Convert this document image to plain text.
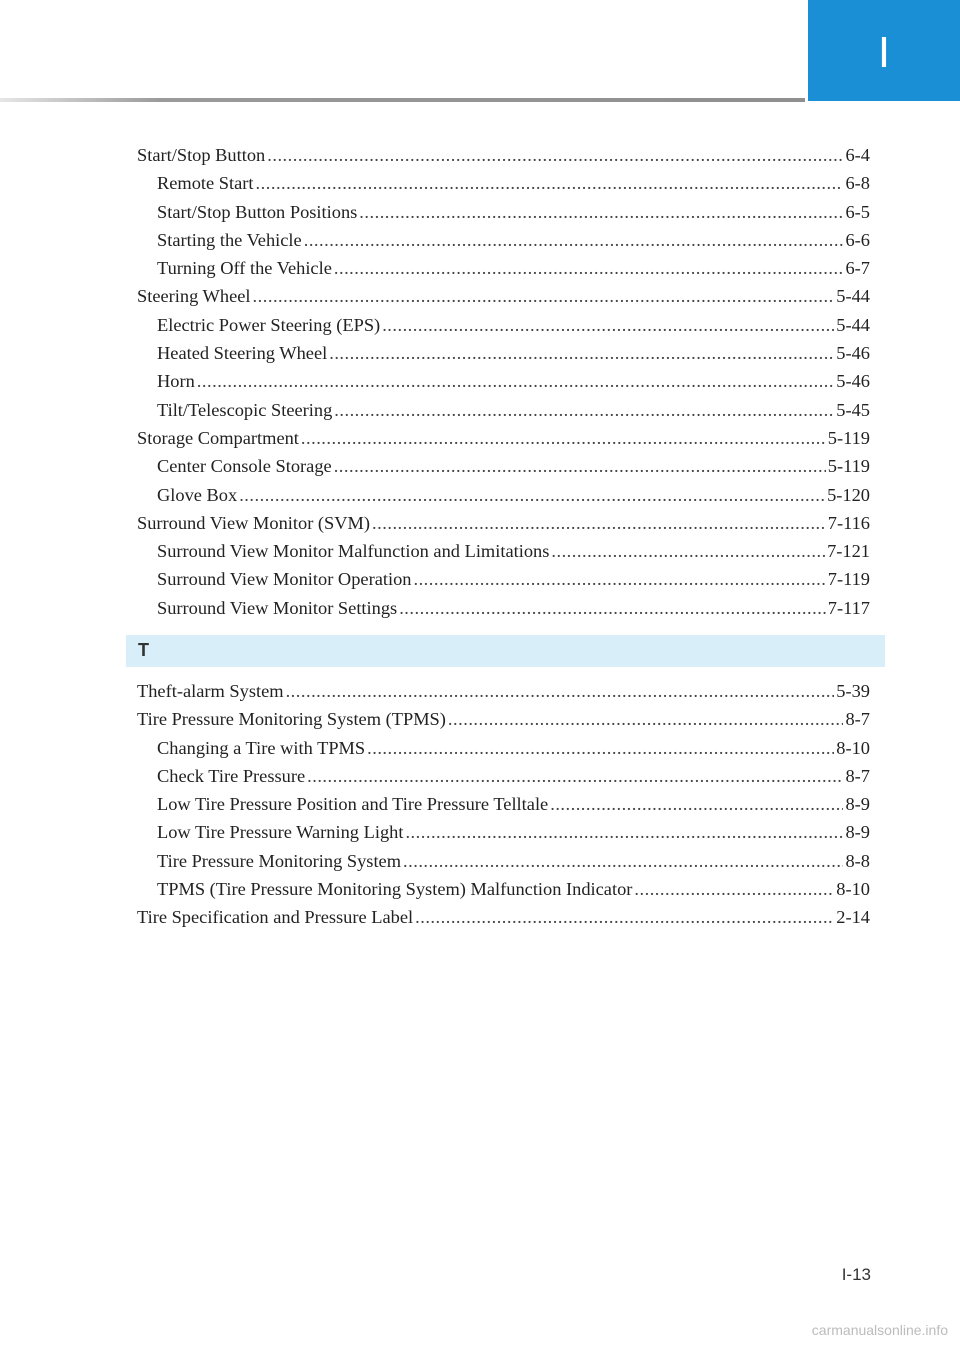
I
Start/Stop Button .....	6-4
Remote Start .....	6-8
Start/Stop Button Positions .....	6-5
Starting the Vehicle .....	6-6
Turning Off the Vehicle .....	6-7
Steering Wheel .....	5-44
Electric Power Steering (EPS) .....	5-44
Heated Steering Wheel .....	5-46
Horn .....	5-46
Tilt/Telescopic Steering .....	5-45
Storage Compartment .....	5-119
Center Console Storage .....	5-119
Glove Box .....	5-120
Surround View Monitor (SVM) .....	7-116
Surround View Monitor Malfunction and Limitations .....	7-121
Surround View Monitor Operation .....	7-119
Surround View Monitor Settings .....	7-117
T
Theft-alarm System .....	5-39
Tire Pressure Monitoring System (TPMS) .....	8-7
Changing a Tire with TPMS .....	8-10
Check Tire Pressure .....	8-7
Low Tire Pressure Position and Tire Pressure Telltale .....	8-9
Low Tire Pressure Warning Light .....	8-9
Tire Pressure Monitoring System .....	8-8
TPMS (Tire Pressure Monitoring System) Malfunction Indicator .....	8-10
Tire Specification and Pressure Label .....	2-14
I-13
carmanualsonline.info
